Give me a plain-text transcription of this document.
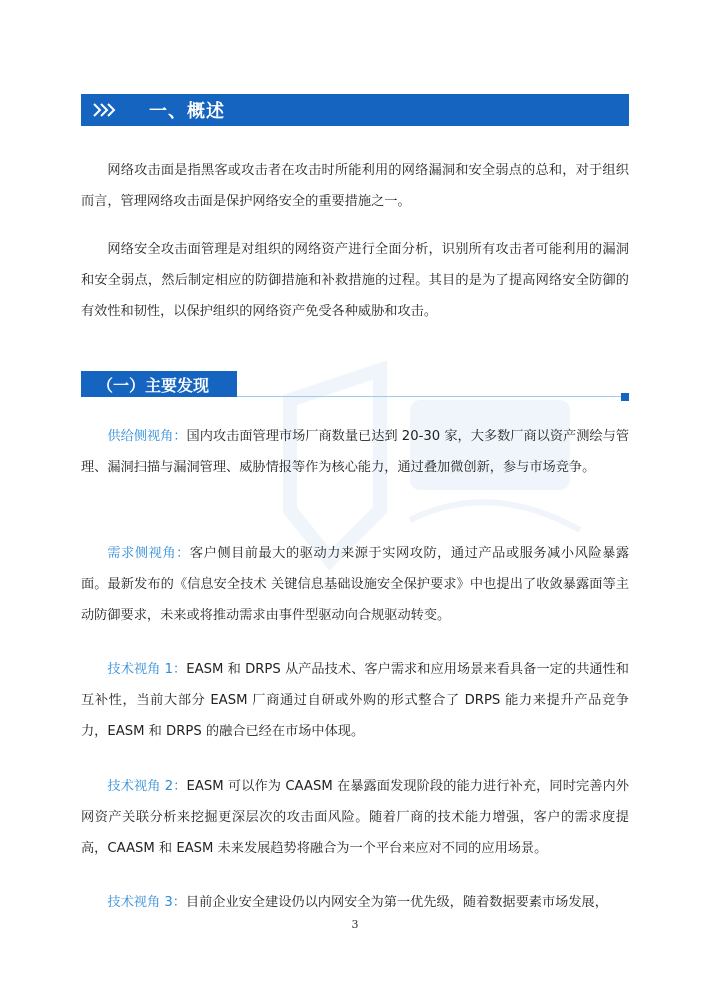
一、概述

网络攻击面是指黑客或攻击者在攻击时所能利用的网络漏洞和安全弱点的总和，对于组织而言，管理网络攻击面是保护网络安全的重要措施之一。

网络安全攻击面管理是对组织的网络资产进行全面分析，识别所有攻击者可能利用的漏洞和安全弱点，然后制定相应的防御措施和补救措施的过程。其目的是为了提高网络安全防御的有效性和韧性，以保护组织的网络资产免受各种威胁和攻击。

（一）主要发现

供给侧视角：国内攻击面管理市场厂商数量已达到 20-30 家，大多数厂商以资产测绘与管理、漏洞扫描与漏洞管理、威胁情报等作为核心能力，通过叠加微创新，参与市场竞争。

需求侧视角：客户侧目前最大的驱动力来源于实网攻防，通过产品或服务减小风险暴露面。最新发布的《信息安全技术 关键信息基础设施安全保护要求》中也提出了收敛暴露面等主动防御要求，未来或将推动需求由事件型驱动向合规驱动转变。

技术视角 1：EASM 和 DRPS 从产品技术、客户需求和应用场景来看具备一定的共通性和互补性，当前大部分 EASM 厂商通过自研或外购的形式整合了 DRPS 能力来提升产品竞争力，EASM 和 DRPS 的融合已经在市场中体现。

技术视角 2：EASM 可以作为 CAASM 在暴露面发现阶段的能力进行补充，同时完善内外网资产关联分析来挖掘更深层次的攻击面风险。随着厂商的技术能力增强，客户的需求度提高，CAASM 和 EASM 未来发展趋势将融合为一个平台来应对不同的应用场景。

技术视角 3：目前企业安全建设仍以内网安全为第一优先级，随着数据要素市场发展，

3
